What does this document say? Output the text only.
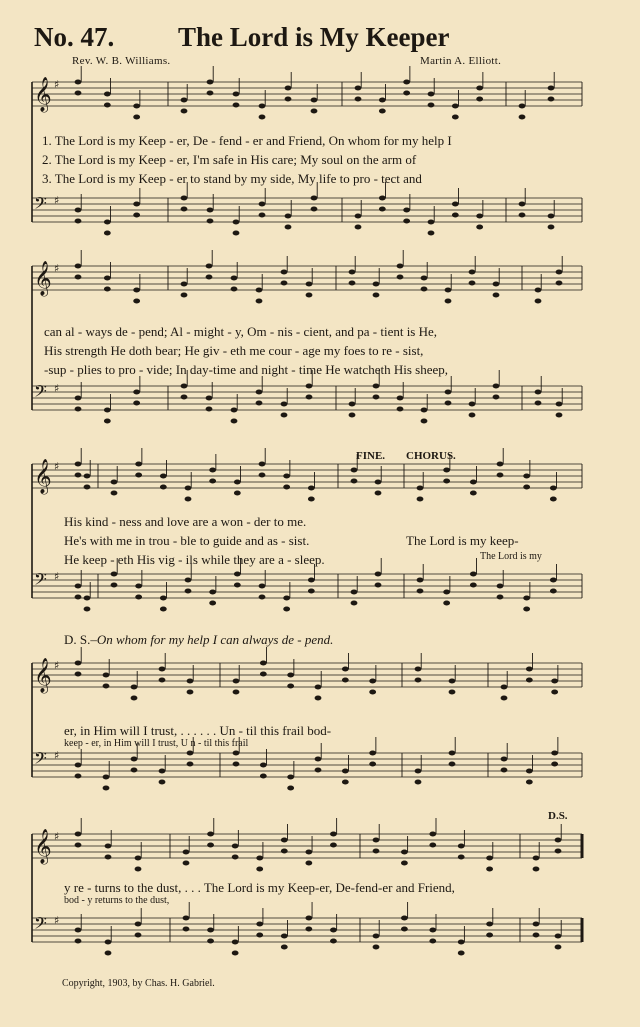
No. 47. The Lord is My Keeper
Rev. W. B. Williams.	Martin A. Elliott.
𝄞 ♯
𝄢 ♯
1. The Lord is my Keep - er, De - fend - er and Friend, On whom for my help I
2. The Lord is my Keep - er, I'm safe in His care; My soul on the arm of
3. The Lord is my Keep - er to stand by my side, My life to pro - tect and
𝄞 ♯
𝄢 ♯
can al - ways de - pend; Al - might - y, Om - nis - cient, and pa - tient is He,
His strength He doth bear; He giv - eth me cour - age my foes to re - sist,
-sup - plies to pro - vide; In day-time and night - time He watcheth His sheep,
FINE. CHORUS.
𝄞 ♯
𝄢 ♯
His kind - ness and love are a won - der to me.
He's with me in trou - ble to guide and as - sist.
He keep - eth His vig - ils while they are a - sleep.
The Lord is my keep-
The Lord is my
D. S.–On whom for my help I can always de - pend.
𝄞 ♯
𝄢 ♯
er, in Him will I trust, . . . . . . Un - til this frail bod-
keep - er, in Him will I trust, U n - til this frail
D.S.
𝄞 ♯
𝄢 ♯
y re - turns to the dust, . . . The Lord is my Keep-er, De-fend-er and Friend,
bod - y returns to the dust,
Copyright, 1903, by Chas. H. Gabriel.
